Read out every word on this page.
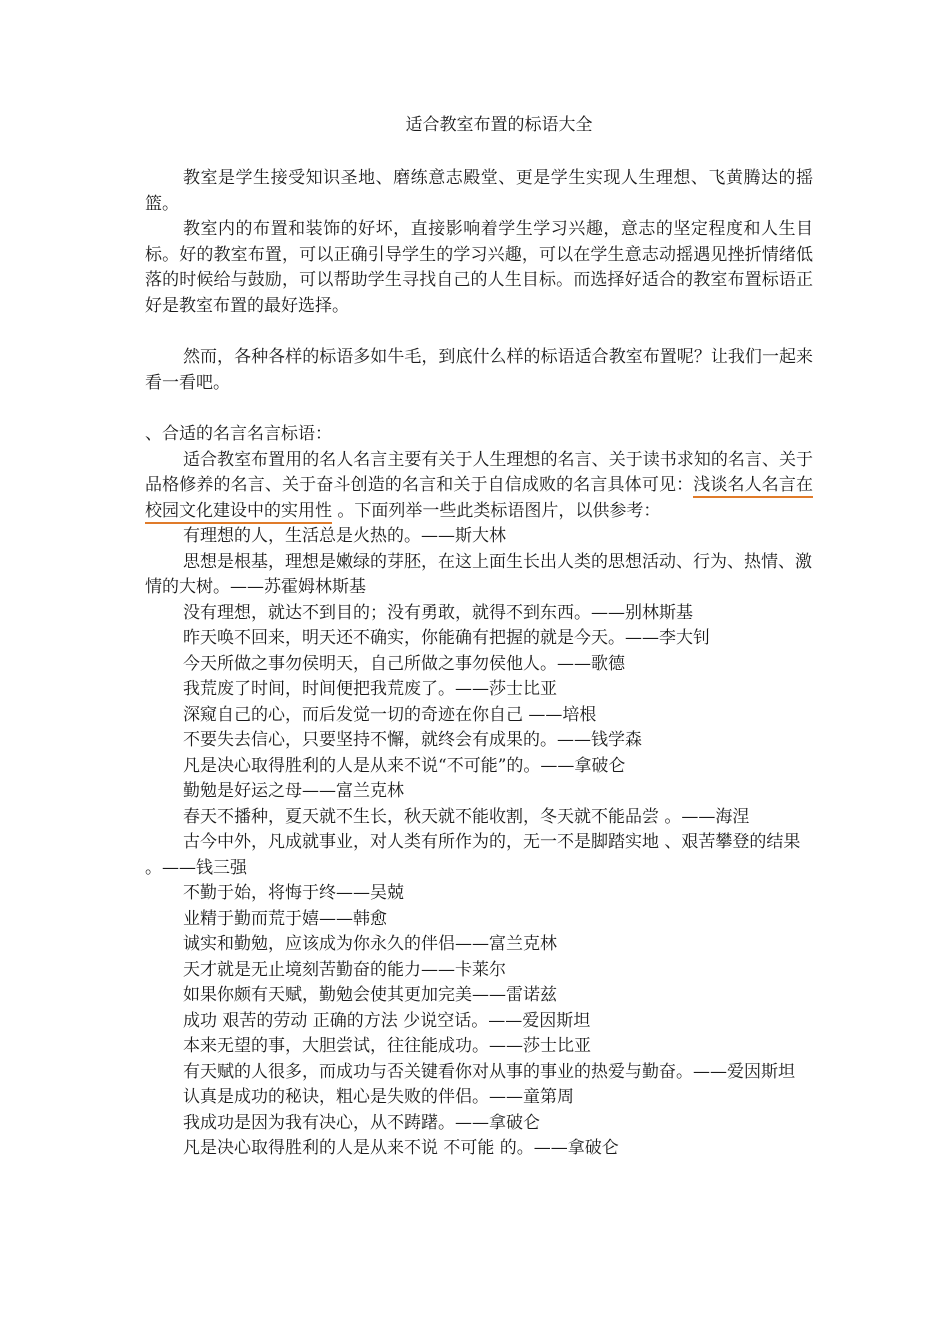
适合教室布置的标语大全

教室是学生接受知识圣地、磨练意志殿堂、更是学生实现人生理想、飞黄腾达的摇篮。

教室内的布置和装饰的好坏，直接影响着学生学习兴趣，意志的坚定程度和人生目标。好的教室布置，可以正确引导学生的学习兴趣，可以在学生意志动摇遇见挫折情绪低落的时候给与鼓励，可以帮助学生寻找自己的人生目标。而选择好适合的教室布置标语正好是教室布置的最好选择。

然而，各种各样的标语多如牛毛，到底什么样的标语适合教室布置呢？让我们一起来看一看吧。

、合适的名言名言标语：

适合教室布置用的名人名言主要有关于人生理想的名言、关于读书求知的名言、关于品格修养的名言、关于奋斗创造的名言和关于自信成败的名言具体可见：浅谈名人名言在校园文化建设中的实用性 。下面列举一些此类标语图片，以供参考：

有理想的人，生活总是火热的。——斯大林

思想是根基，理想是嫩绿的芽胚，在这上面生长出人类的思想活动、行为、热情、激情的大树。——苏霍姆林斯基

没有理想，就达不到目的；没有勇敢，就得不到东西。——别林斯基

昨天唤不回来，明天还不确实，你能确有把握的就是今天。——李大钊

今天所做之事勿侯明天，自己所做之事勿侯他人。——歌德

我荒废了时间，时间便把我荒废了。——莎士比亚

深窥自己的心，而后发觉一切的奇迹在你自己 ——培根

不要失去信心，只要坚持不懈，就终会有成果的。——钱学森

凡是决心取得胜利的人是从来不说“不可能”的。——拿破仑

勤勉是好运之母——富兰克林

春天不播种，夏天就不生长，秋天就不能收割，冬天就不能品尝 。——海涅

古今中外，凡成就事业，对人类有所作为的，无一不是脚踏实地 、艰苦攀登的结果 。——钱三强

不勤于始，将悔于终——吴兢

业精于勤而荒于嬉——韩愈

诚实和勤勉，应该成为你永久的伴侣——富兰克林

天才就是无止境刻苦勤奋的能力——卡莱尔

如果你颇有天赋，勤勉会使其更加完美——雷诺兹

成功 艰苦的劳动 正确的方法 少说空话。——爱因斯坦

本来无望的事，大胆尝试，往往能成功。——莎士比亚

有天赋的人很多，而成功与否关键看你对从事的事业的热爱与勤奋。——爱因斯坦

认真是成功的秘诀，粗心是失败的伴侣。——童第周

我成功是因为我有决心，从不踌躇。——拿破仑

凡是决心取得胜利的人是从来不说 不可能 的。——拿破仑
